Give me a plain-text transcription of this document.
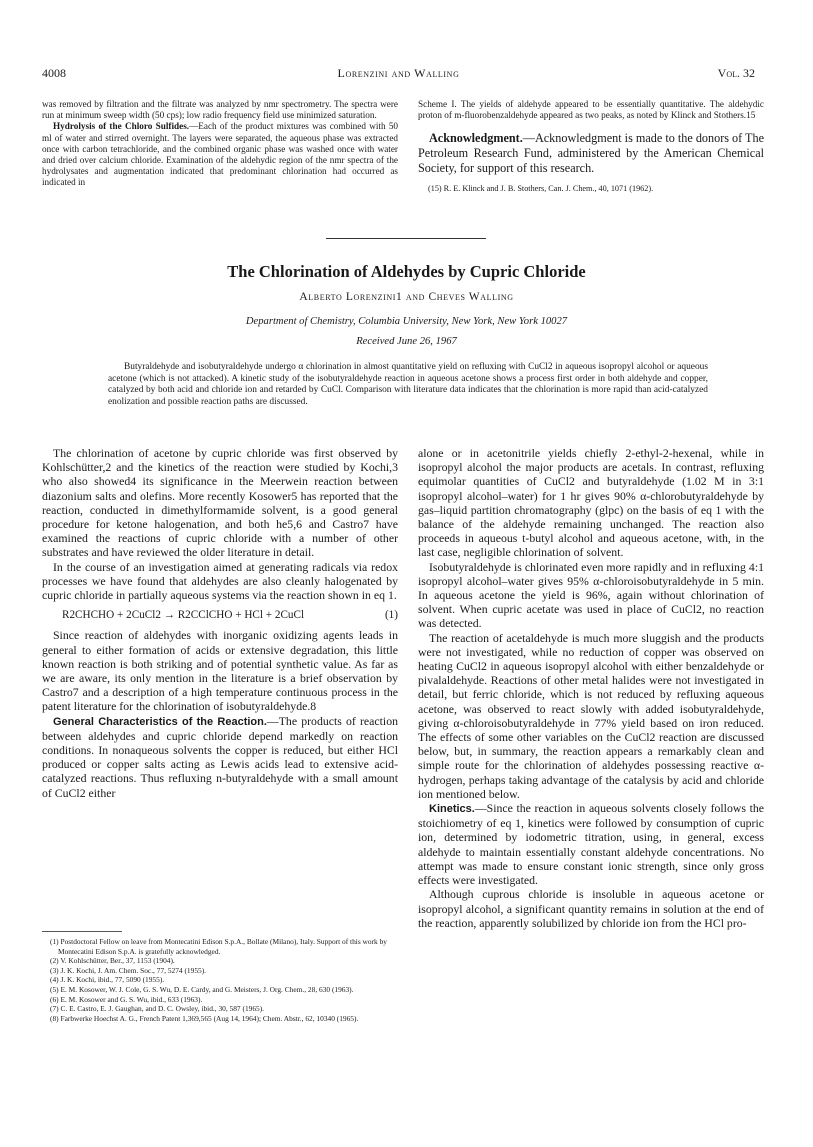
4008	Lorenzini and Walling	Vol. 32

was removed by filtration and the filtrate was analyzed by nmr spectrometry. The spectra were run at minimum sweep width (50 cps); low radio frequency field use minimized saturation.

Hydrolysis of the Chloro Sulfides.—Each of the product mixtures was combined with 50 ml of water and stirred overnight. The layers were separated, the aqueous phase was extracted once with carbon tetrachloride, and the combined organic phase was washed once with water and dried over calcium chloride. Examination of the aldehydic region of the nmr spectra of the hydrolysates and augmentation indicated that predominant chlorination had occurred as indicated in

Scheme I. The yields of aldehyde appeared to be essentially quantitative. The aldehydic proton of m-fluorobenzaldehyde appeared as two peaks, as noted by Klinck and Stothers.15

Acknowledgment.—Acknowledgment is made to the donors of The Petroleum Research Fund, administered by the American Chemical Society, for support of this research.

(15) R. E. Klinck and J. B. Stothers, Can. J. Chem., 40, 1071 (1962).

The Chlorination of Aldehydes by Cupric Chloride
Alberto Lorenzini1 and Cheves Walling
Department of Chemistry, Columbia University, New York, New York 10027
Received June 26, 1967
Butyraldehyde and isobutyraldehyde undergo α chlorination in almost quantitative yield on refluxing with CuCl2 in aqueous isopropyl alcohol or aqueous acetone (which is not attacked). A kinetic study of the isobutyraldehyde reaction in aqueous acetone shows a process first order in both aldehyde and copper, catalyzed by both acid and chloride ion and retarded by CuCl. Comparison with literature data indicates that the chlorination is more rapid than acid-catalyzed enolization and possible reaction paths are discussed.

The chlorination of acetone by cupric chloride was first observed by Kohlschütter,2 and the kinetics of the reaction were studied by Kochi,3 who also showed4 its significance in the Meerwein reaction between diazonium salts and olefins. More recently Kosower5 has reported that the reaction, conducted in dimethylformamide solvent, is a good general procedure for ketone halogenation, and both he5,6 and Castro7 have examined the reactions of cupric chloride with a number of other substrates and have reviewed the older literature in detail.

In the course of an investigation aimed at generating radicals via redox processes we have found that aldehydes are also cleanly halogenated by cupric chloride in partially aqueous systems via the reaction shown in eq 1.

R2CHCHO + 2CuCl2 → R2CClCHO + HCl + 2CuCl	(1)

Since reaction of aldehydes with inorganic oxidizing agents leads in general to either formation of acids or extensive degradation, this little known reaction is both striking and of potential synthetic value. As far as we are aware, its only mention in the literature is a brief observation by Castro7 and a description of a high temperature continuous process in the patent literature for the chlorination of isobutyraldehyde.8

General Characteristics of the Reaction.—The products of reaction between aldehydes and cupric chloride depend markedly on reaction conditions. In nonaqueous solvents the copper is reduced, but either HCl produced or copper salts acting as Lewis acids lead to extensive acid-catalyzed reactions. Thus refluxing n-butyraldehyde with a small amount of CuCl2 either

(1) Postdoctoral Fellow on leave from Montecatini Edison S.p.A., Bollate (Milano), Italy. Support of this work by Montecatini Edison S.p.A. is gratefully acknowledged.
(2) V. Kohlschütter, Ber., 37, 1153 (1904).
(3) J. K. Kochi, J. Am. Chem. Soc., 77, 5274 (1955).
(4) J. K. Kochi, ibid., 77, 5090 (1955).
(5) E. M. Kosower, W. J. Cole, G. S. Wu, D. E. Cardy, and G. Meisters, J. Org. Chem., 28, 630 (1963).
(6) E. M. Kosower and G. S. Wu, ibid., 633 (1963).
(7) C. E. Castro, E. J. Gaughan, and D. C. Owsley, ibid., 30, 587 (1965).
(8) Farbwerke Hoechst A. G., French Patent 1,369,565 (Aug 14, 1964); Chem. Abstr., 62, 10340 (1965).

alone or in acetonitrile yields chiefly 2-ethyl-2-hexenal, while in isopropyl alcohol the major products are acetals. In contrast, refluxing equimolar quantities of CuCl2 and butyraldehyde (1.02 M in 3:1 isopropyl alcohol–water) for 1 hr gives 90% α-chlorobutyraldehyde by gas–liquid partition chromatography (glpc) on the basis of eq 1 with the balance of the aldehyde remaining unchanged. The reaction also proceeds in aqueous t-butyl alcohol and aqueous acetone, with, in the last case, negligible chlorination of solvent.

Isobutyraldehyde is chlorinated even more rapidly and in refluxing 4:1 isopropyl alcohol–water gives 95% α-chloroisobutyraldehyde in 5 min. In aqueous acetone the yield is 96%, again without chlorination of solvent. When cupric acetate was used in place of CuCl2, no reaction was detected.

The reaction of acetaldehyde is much more sluggish and the products were not investigated, while no reduction of copper was observed on heating CuCl2 in aqueous isopropyl alcohol with either benzaldehyde or pivalaldehyde. Reactions of other metal halides were not investigated in detail, but ferric chloride, which is not reduced by refluxing aqueous acetone, was observed to react slowly with added isobutyraldehyde, giving α-chloroisobutyraldehyde in 77% yield based on iron reduced. The effects of some other variables on the CuCl2 reaction are discussed below, but, in summary, the reaction appears a remarkably clean and simple route for the chlorination of aldehydes possessing reactive α-hydrogen, perhaps taking advantage of the catalysis by acid and chloride ion mentioned below.

Kinetics.—Since the reaction in aqueous solvents closely follows the stoichiometry of eq 1, kinetics were followed by consumption of cupric ion, determined by iodometric titration, using, in general, excess aldehyde to maintain essentially constant aldehyde concentrations. No attempt was made to ensure constant ionic strength, since only gross effects were investigated.

Although cuprous chloride is insoluble in aqueous acetone or isopropyl alcohol, a significant quantity remains in solution at the end of the reaction, apparently solubilized by chloride ion from the HCl pro-
